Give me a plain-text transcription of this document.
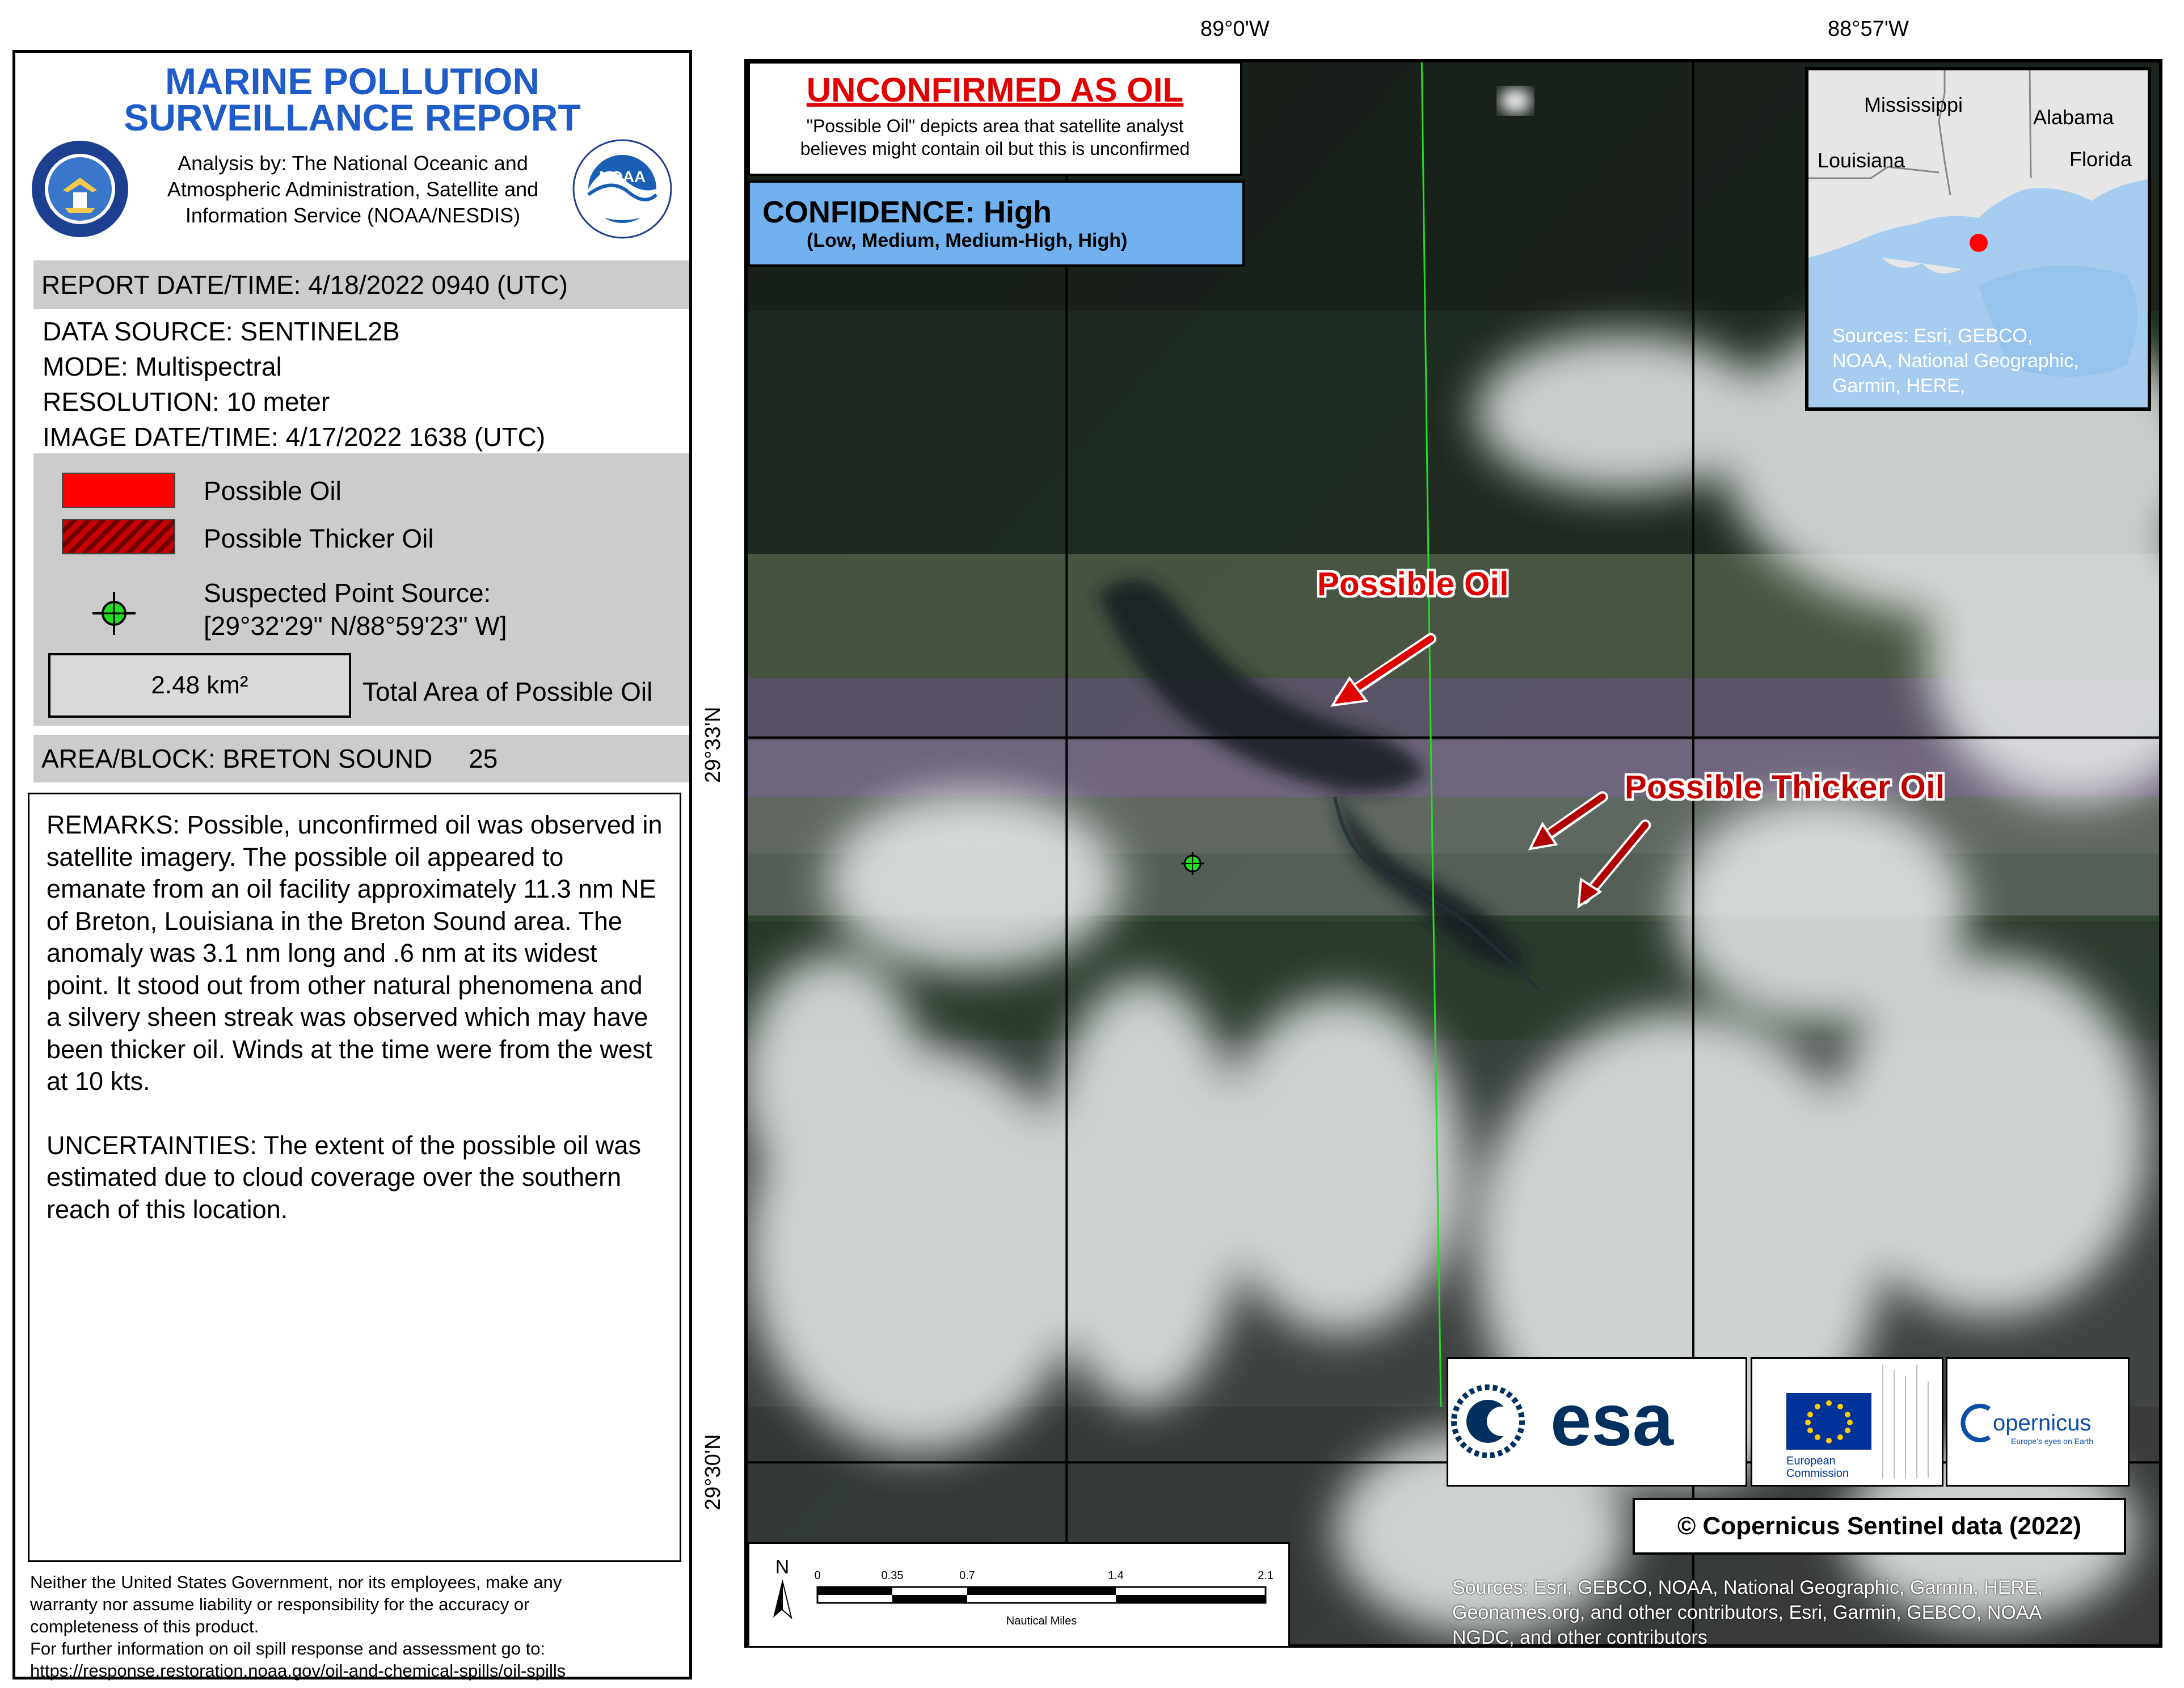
MARINE POLLUTION
SURVEILLANCE REPORT
Analysis by: The National Oceanic and
Atmospheric Administration, Satellite and
Information Service (NOAA/NESDIS)
NOAA
REPORT DATE/TIME: 4/18/2022 0940 (UTC)
DATA SOURCE: SENTINEL2B
MODE: Multispectral
RESOLUTION: 10 meter
IMAGE DATE/TIME: 4/17/2022 1638 (UTC)
Possible Oil
Possible Thicker Oil
Suspected Point Source:
[29°32'29" N/88°59'23" W]
2.48 km²	Total Area of Possible Oil
AREA/BLOCK: BRETON SOUND     25

REMARKS: Possible, unconfirmed oil was observed in satellite imagery. The possible oil appeared to emanate from an oil facility approximately 11.3 nm NE of Breton, Louisiana in the Breton Sound area. The anomaly was 3.1 nm long and .6 nm at its widest point. It stood out from other natural phenomena and a silvery sheen streak was observed which may have been thicker oil. Winds at the time were from the west at 10 kts.

UNCERTAINTIES: The extent of the possible oil was estimated due to cloud coverage over the southern reach of this location.

Neither the United States Government, nor its employees, make any
warranty nor assume liability or responsibility for the accuracy or
completeness of this product.
For further information on oil spill response and assessment go to:
https://response.restoration.noaa.gov/oil-and-chemical-spills/oil-spills
89°0'W	88°57'W
29°33'N
29°30'N
UNCONFIRMED AS OIL
"Possible Oil" depicts area that satellite analyst
believes might contain oil but this is unconfirmed
CONFIDENCE: High
(Low, Medium, Medium-High, High)
Mississippi
Alabama
Louisiana	Florida
Sources: Esri, GEBCO,
NOAA, National Geographic,
Garmin, HERE,
Possible Oil
Possible Thicker Oil
N 0	0.35	0.7	1.4	2.1
Nautical Miles
esa	European
Commission
opernicus
Europe's eyes on Earth
© Copernicus Sentinel data (2022)
Sources: Esri, GEBCO, NOAA, National Geographic, Garmin, HERE,
Geonames.org, and other contributors, Esri, Garmin, GEBCO, NOAA
NGDC, and other contributors
